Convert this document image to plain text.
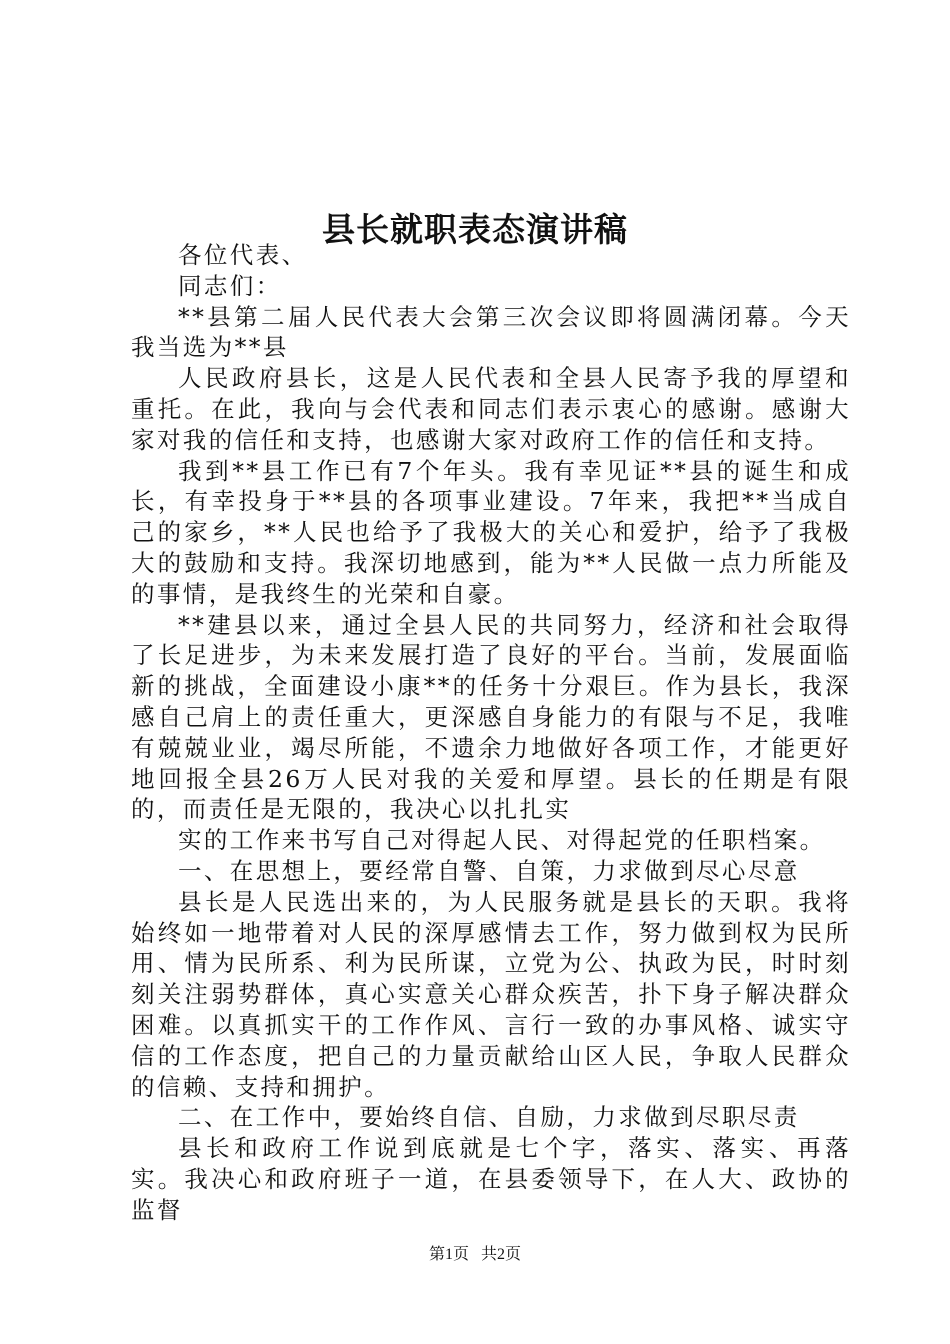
县长就职表态演讲稿

各位代表、

同志们：

**县第二届人民代表大会第三次会议即将圆满闭幕。今天我当选为**县

人民政府县长，这是人民代表和全县人民寄予我的厚望和重托。在此，我向与会代表和同志们表示衷心的感谢。感谢大家对我的信任和支持，也感谢大家对政府工作的信任和支持。

我到**县工作已有7个年头。我有幸见证**县的诞生和成长，有幸投身于**县的各项事业建设。7年来，我把**当成自己的家乡，**人民也给予了我极大的关心和爱护，给予了我极大的鼓励和支持。我深切地感到，能为**人民做一点力所能及的事情，是我终生的光荣和自豪。

**建县以来，通过全县人民的共同努力，经济和社会取得了长足进步，为未来发展打造了良好的平台。当前，发展面临新的挑战，全面建设小康**的任务十分艰巨。作为县长，我深感自己肩上的责任重大，更深感自身能力的有限与不足，我唯有兢兢业业，竭尽所能，不遗余力地做好各项工作，才能更好地回报全县26万人民对我的关爱和厚望。县长的任期是有限的，而责任是无限的，我决心以扎扎实

实的工作来书写自己对得起人民、对得起党的任职档案。

一、在思想上，要经常自警、自策，力求做到尽心尽意

县长是人民选出来的，为人民服务就是县长的天职。我将始终如一地带着对人民的深厚感情去工作，努力做到权为民所用、情为民所系、利为民所谋，立党为公、执政为民，时时刻刻关注弱势群体，真心实意关心群众疾苦，扑下身子解决群众困难。以真抓实干的工作作风、言行一致的办事风格、诚实守信的工作态度，把自己的力量贡献给山区人民，争取人民群众的信赖、支持和拥护。

二、在工作中，要始终自信、自励，力求做到尽职尽责

县长和政府工作说到底就是七个字，落实、落实、再落实。我决心和政府班子一道，在县委领导下，在人大、政协的监督

第1页 共2页
